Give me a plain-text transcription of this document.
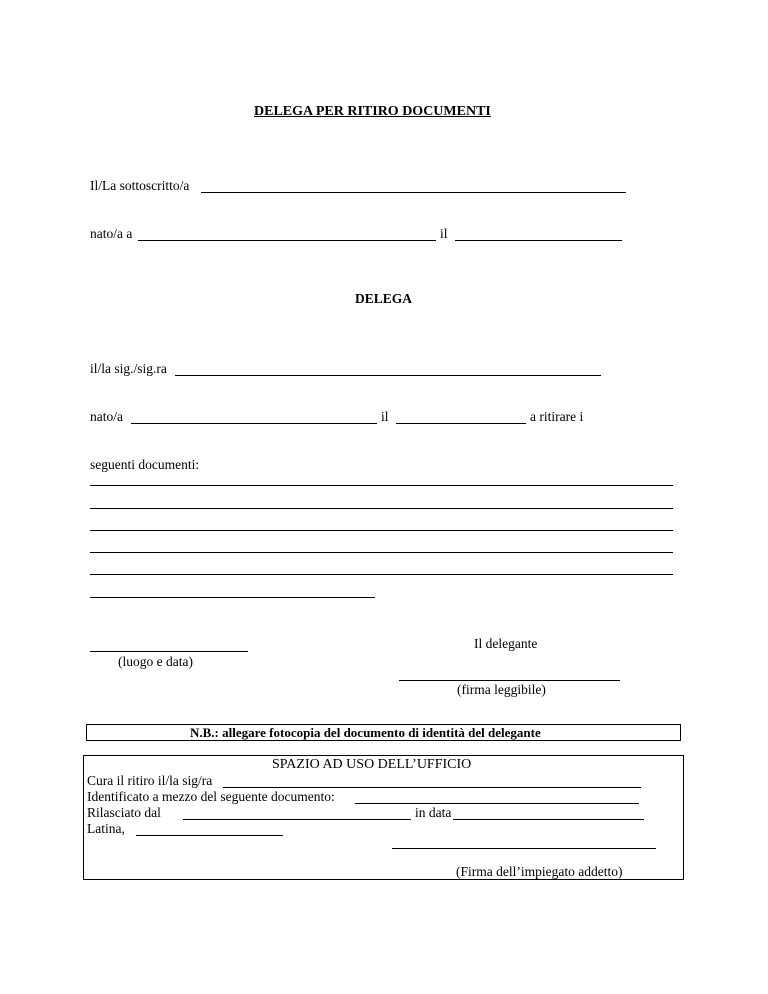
DELEGA PER RITIRO DOCUMENTI
Il/La sottoscritto/a
nato/a a	il
DELEGA
il/la sig./sig.ra
nato/a	il	a ritirare i
seguenti documenti:
(luogo e data)
Il delegante
(firma leggibile)
N.B.: allegare fotocopia del documento di identità del delegante
SPAZIO AD USO DELL’UFFICIO
Cura il ritiro il/la sig/ra
Identificato a mezzo del seguente documento:
Rilasciato dal	in data
Latina,
(Firma dell’impiegato addetto)
